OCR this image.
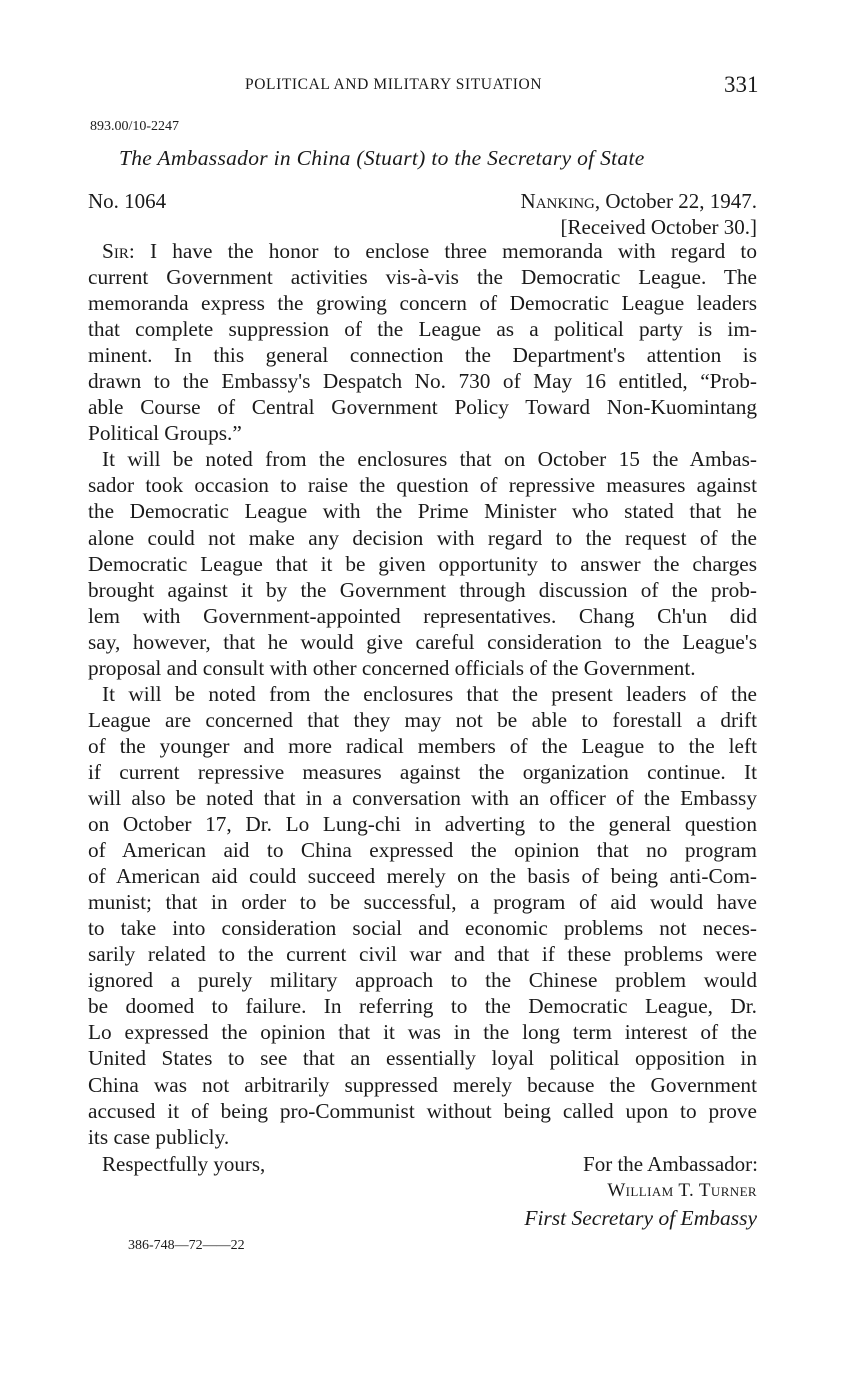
POLITICAL AND MILITARY SITUATION	331
893.00/10-2247
The Ambassador in China (Stuart) to the Secretary of State
No. 1064	Nanking, October 22, 1947.
[Received October 30.]
Sir: I have the honor to enclose three memoranda with regard to
current Government activities vis-à-vis the Democratic League. The
memoranda express the growing concern of Democratic League leaders
that complete suppression of the League as a political party is im-
minent. In this general connection the Department's attention is
drawn to the Embassy's Despatch No. 730 of May 16 entitled, “Prob-
able Course of Central Government Policy Toward Non-Kuomintang
Political Groups.”
It will be noted from the enclosures that on October 15 the Ambas-
sador took occasion to raise the question of repressive measures against
the Democratic League with the Prime Minister who stated that he
alone could not make any decision with regard to the request of the
Democratic League that it be given opportunity to answer the charges
brought against it by the Government through discussion of the prob-
lem with Government-appointed representatives. Chang Ch'un did
say, however, that he would give careful consideration to the League's
proposal and consult with other concerned officials of the Government.
It will be noted from the enclosures that the present leaders of the
League are concerned that they may not be able to forestall a drift
of the younger and more radical members of the League to the left
if current repressive measures against the organization continue. It
will also be noted that in a conversation with an officer of the Embassy
on October 17, Dr. Lo Lung-chi in adverting to the general question
of American aid to China expressed the opinion that no program
of American aid could succeed merely on the basis of being anti-Com-
munist; that in order to be successful, a program of aid would have
to take into consideration social and economic problems not neces-
sarily related to the current civil war and that if these problems were
ignored a purely military approach to the Chinese problem would
be doomed to failure. In referring to the Democratic League, Dr.
Lo expressed the opinion that it was in the long term interest of the
United States to see that an essentially loyal political opposition in
China was not arbitrarily suppressed merely because the Government
accused it of being pro-Communist without being called upon to prove
its case publicly.
Respectfully yours,	For the Ambassador:
William T. Turner
First Secretary of Embassy
386-748—72——22
